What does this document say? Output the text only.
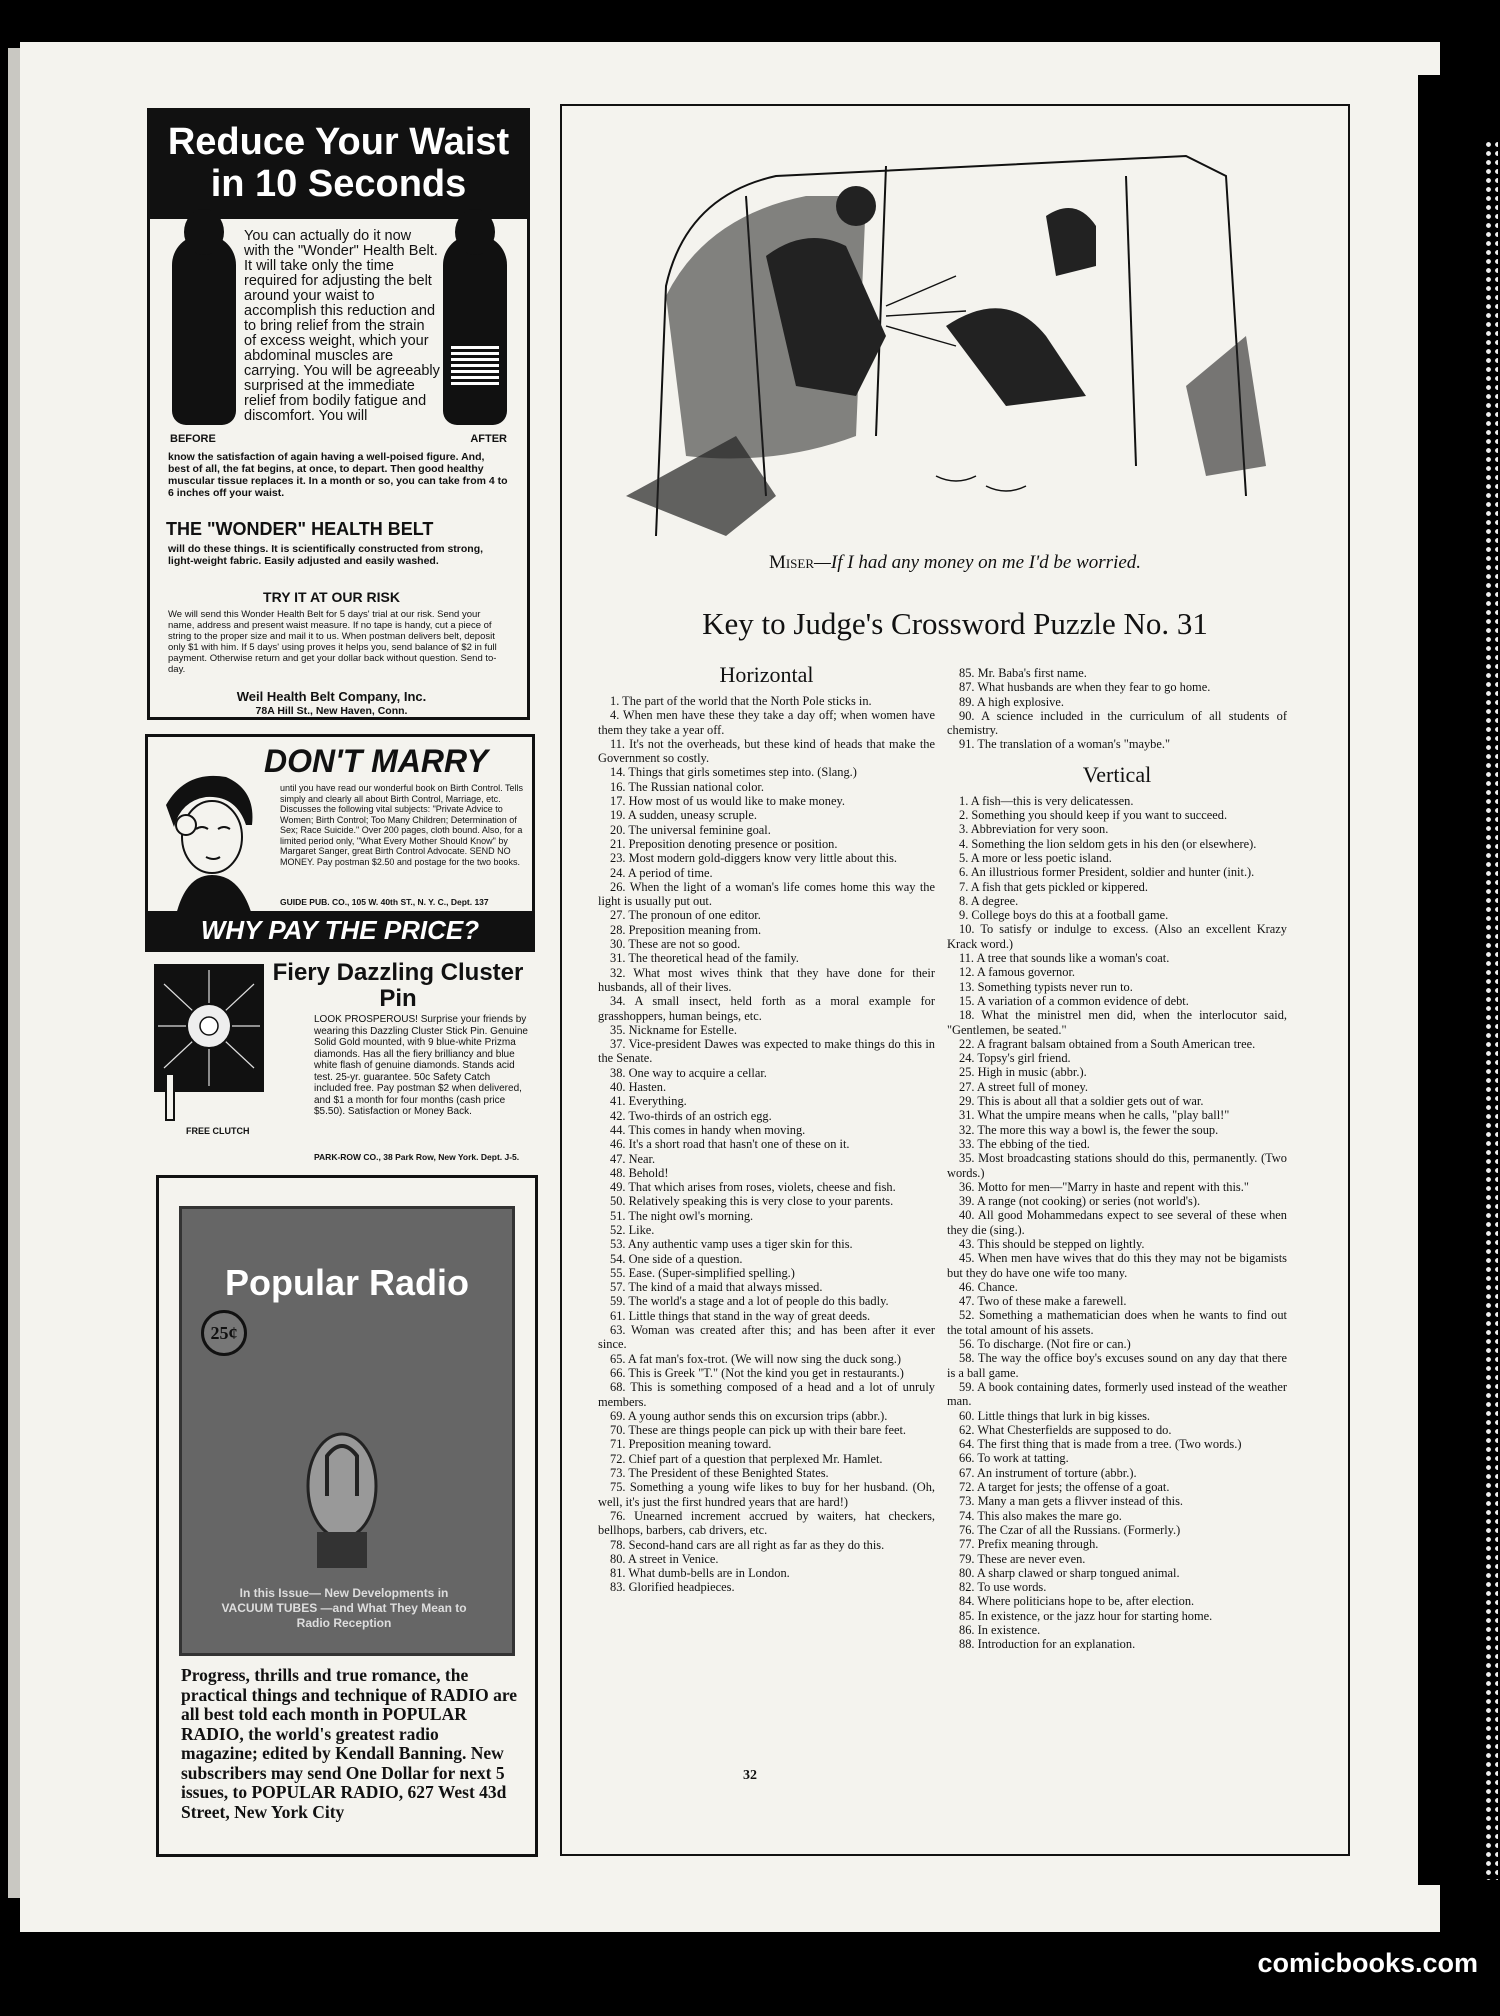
Reduce Your Waist in 10 Seconds
BEFORE	AFTER
You can actually do it now with the "Wonder" Health Belt. It will take only the time required for adjusting the belt around your waist to accomplish this reduction and to bring relief from the strain of excess weight, which your abdominal muscles are carrying. You will be agreeably surprised at the immediate relief from bodily fatigue and discomfort. You will
know the satisfaction of again having a well-poised figure. And, best of all, the fat begins, at once, to depart. Then good healthy muscular tissue replaces it. In a month or so, you can take from 4 to 6 inches off your waist.
THE "WONDER" HEALTH BELT
will do these things. It is scientifically constructed from strong, light-weight fabric. Easily adjusted and easily washed.
TRY IT AT OUR RISK
We will send this Wonder Health Belt for 5 days' trial at our risk. Send your name, address and present waist measure. If no tape is handy, cut a piece of string to the proper size and mail it to us. When postman delivers belt, deposit only $1 with him. If 5 days' using proves it helps you, send balance of $2 in full payment. Otherwise return and get your dollar back without question. Send to-day.
Weil Health Belt Company, Inc.
78A Hill St., New Haven, Conn.
DON'T MARRY
until you have read our wonderful book on Birth Control. Tells simply and clearly all about Birth Control, Marriage, etc. Discusses the following vital subjects: "Private Advice to Women; Birth Control; Too Many Children; Determination of Sex; Race Suicide." Over 200 pages, cloth bound. Also, for a limited period only, "What Every Mother Should Know" by Margaret Sanger, great Birth Control Advocate. SEND NO MONEY. Pay postman $2.50 and postage for the two books.
GUIDE PUB. CO., 105 W. 40th ST., N. Y. C., Dept. 137
WHY PAY THE PRICE?
FREE CLUTCH
Fiery Dazzling Cluster Pin
LOOK PROSPEROUS! Surprise your friends by wearing this Dazzling Cluster Stick Pin. Genuine Solid Gold mounted, with 9 blue-white Prizma diamonds. Has all the fiery brilliancy and blue white flash of genuine diamonds. Stands acid test. 25-yr. guarantee. 50c Safety Catch included free. Pay postman $2 when delivered, and $1 a month for four months (cash price $5.50). Satisfaction or Money Back.
PARK-ROW CO., 38 Park Row, New York. Dept. J-5.
Popular Radio
25¢
In this Issue— New Developments in VACUUM TUBES —and What They Mean to Radio Reception
Progress, thrills and true romance, the practical things and technique of RADIO are all best told each month in POPULAR RADIO, the world's greatest radio magazine; edited by Kendall Banning. New subscribers may send One Dollar for next 5 issues, to POPULAR RADIO, 627 West 43d Street, New York City
Miser—If I had any money on me I'd be worried.
Key to Judge's Crossword Puzzle No. 31
Horizontal

1. The part of the world that the North Pole sticks in.

4. When men have these they take a day off; when women have them they take a year off.

11. It's not the overheads, but these kind of heads that make the Government so costly.

14. Things that girls sometimes step into. (Slang.)

16. The Russian national color.

17. How most of us would like to make money.

19. A sudden, uneasy scruple.

20. The universal feminine goal.

21. Preposition denoting presence or position.

23. Most modern gold-diggers know very little about this.

24. A period of time.

26. When the light of a woman's life comes home this way the light is usually put out.

27. The pronoun of one editor.

28. Preposition meaning from.

30. These are not so good.

31. The theoretical head of the family.

32. What most wives think that they have done for their husbands, all of their lives.

34. A small insect, held forth as a moral example for grasshoppers, human beings, etc.

35. Nickname for Estelle.

37. Vice-president Dawes was expected to make things do this in the Senate.

38. One way to acquire a cellar.

40. Hasten.

41. Everything.

42. Two-thirds of an ostrich egg.

44. This comes in handy when moving.

46. It's a short road that hasn't one of these on it.

47. Near.

48. Behold!

49. That which arises from roses, violets, cheese and fish.

50. Relatively speaking this is very close to your parents.

51. The night owl's morning.

52. Like.

53. Any authentic vamp uses a tiger skin for this.

54. One side of a question.

55. Ease. (Super-simplified spelling.)

57. The kind of a maid that always missed.

59. The world's a stage and a lot of people do this badly.

61. Little things that stand in the way of great deeds.

63. Woman was created after this; and has been after it ever since.

65. A fat man's fox-trot. (We will now sing the duck song.)

66. This is Greek "T." (Not the kind you get in restaurants.)

68. This is something composed of a head and a lot of unruly members.

69. A young author sends this on excursion trips (abbr.).

70. These are things people can pick up with their bare feet.

71. Preposition meaning toward.

72. Chief part of a question that perplexed Mr. Hamlet.

73. The President of these Benighted States.

75. Something a young wife likes to buy for her husband. (Oh, well, it's just the first hundred years that are hard!)

76. Unearned increment accrued by waiters, hat checkers, bellhops, barbers, cab drivers, etc.

78. Second-hand cars are all right as far as they do this.

80. A street in Venice.

81. What dumb-bells are in London.

83. Glorified headpieces.

85. Mr. Baba's first name.

87. What husbands are when they fear to go home.

89. A high explosive.

90. A science included in the curriculum of all students of chemistry.

91. The translation of a woman's "maybe."

Vertical

1. A fish—this is very delicatessen.

2. Something you should keep if you want to succeed.

3. Abbreviation for very soon.

4. Something the lion seldom gets in his den (or elsewhere).

5. A more or less poetic island.

6. An illustrious former President, soldier and hunter (init.).

7. A fish that gets pickled or kippered.

8. A degree.

9. College boys do this at a football game.

10. To satisfy or indulge to excess. (Also an excellent Krazy Krack word.)

11. A tree that sounds like a woman's coat.

12. A famous governor.

13. Something typists never run to.

15. A variation of a common evidence of debt.

18. What the ministrel men did, when the interlocutor said, "Gentlemen, be seated."

22. A fragrant balsam obtained from a South American tree.

24. Topsy's girl friend.

25. High in music (abbr.).

27. A street full of money.

29. This is about all that a soldier gets out of war.

31. What the umpire means when he calls, "play ball!"

32. The more this way a bowl is, the fewer the soup.

33. The ebbing of the tied.

35. Most broadcasting stations should do this, permanently. (Two words.)

36. Motto for men—"Marry in haste and repent with this."

39. A range (not cooking) or series (not world's).

40. All good Mohammedans expect to see several of these when they die (sing.).

43. This should be stepped on lightly.

45. When men have wives that do this they may not be bigamists but they do have one wife too many.

46. Chance.

47. Two of these make a farewell.

52. Something a mathematician does when he wants to find out the total amount of his assets.

56. To discharge. (Not fire or can.)

58. The way the office boy's excuses sound on any day that there is a ball game.

59. A book containing dates, formerly used instead of the weather man.

60. Little things that lurk in big kisses.

62. What Chesterfields are supposed to do.

64. The first thing that is made from a tree. (Two words.)

66. To work at tatting.

67. An instrument of torture (abbr.).

72. A target for jests; the offense of a goat.

73. Many a man gets a flivver instead of this.

74. This also makes the mare go.

76. The Czar of all the Russians. (Formerly.)

77. Prefix meaning through.

79. These are never even.

80. A sharp clawed or sharp tongued animal.

82. To use words.

84. Where politicians hope to be, after election.

85. In existence, or the jazz hour for starting home.

86. In existence.

88. Introduction for an explanation.

32
comicbooks.com
